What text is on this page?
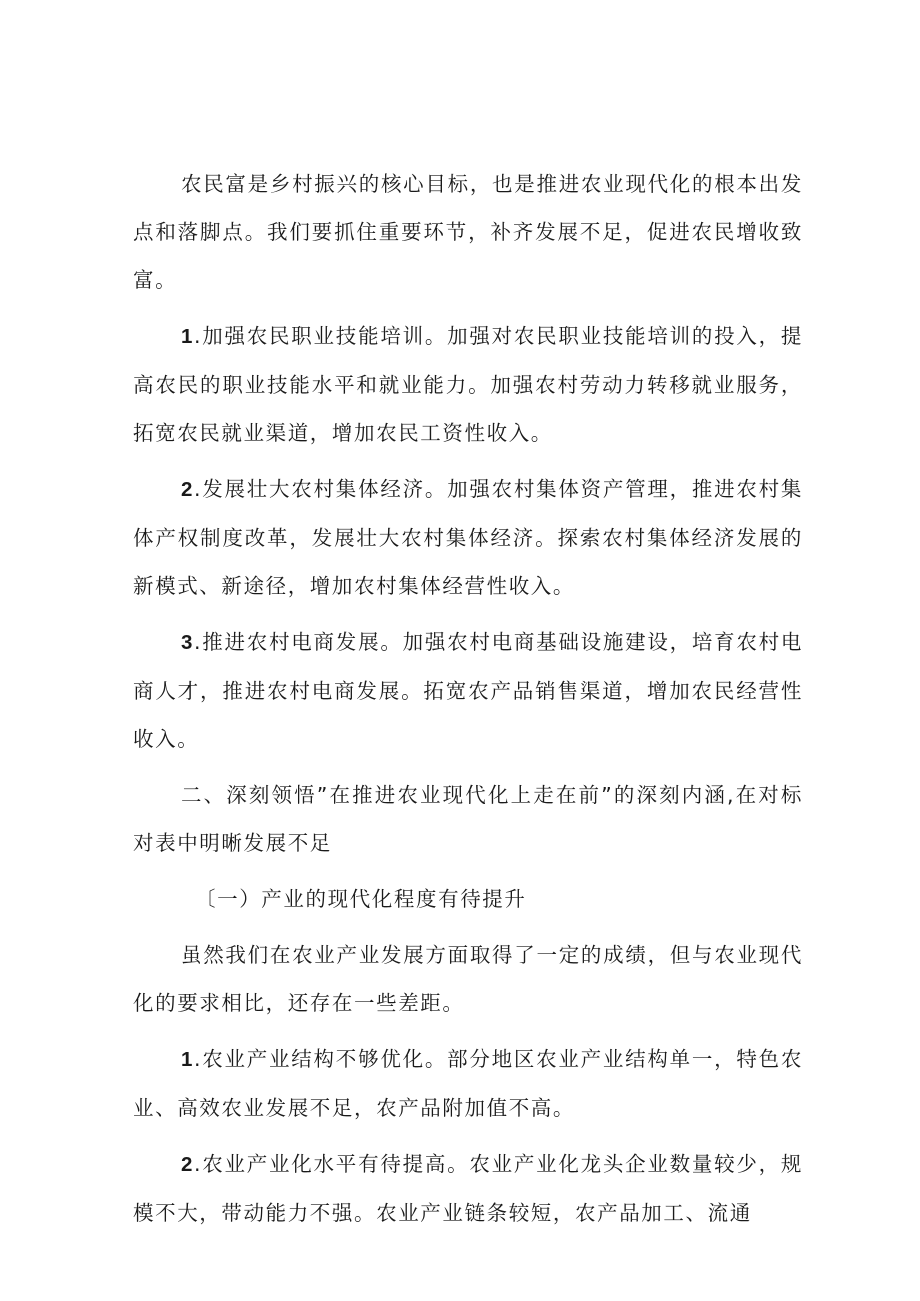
农民富是乡村振兴的核心目标，也是推进农业现代化的根本出发点和落脚点。我们要抓住重要环节，补齐发展不足，促进农民增收致富。

1.加强农民职业技能培训。加强对农民职业技能培训的投入，提高农民的职业技能水平和就业能力。加强农村劳动力转移就业服务，拓宽农民就业渠道，增加农民工资性收入。

2.发展壮大农村集体经济。加强农村集体资产管理，推进农村集体产权制度改革，发展壮大农村集体经济。探索农村集体经济发展的新模式、新途径，增加农村集体经营性收入。

3.推进农村电商发展。加强农村电商基础设施建设，培育农村电商人才，推进农村电商发展。拓宽农产品销售渠道，增加农民经营性收入。

二、深刻领悟”在推进农业现代化上走在前”的深刻内涵,在对标对表中明晰发展不足

〔一）产业的现代化程度有待提升

虽然我们在农业产业发展方面取得了一定的成绩，但与农业现代化的要求相比，还存在一些差距。

1.农业产业结构不够优化。部分地区农业产业结构单一，特色农业、高效农业发展不足，农产品附加值不高。

2.农业产业化水平有待提高。农业产业化龙头企业数量较少，规模不大，带动能力不强。农业产业链条较短，农产品加工、流通
